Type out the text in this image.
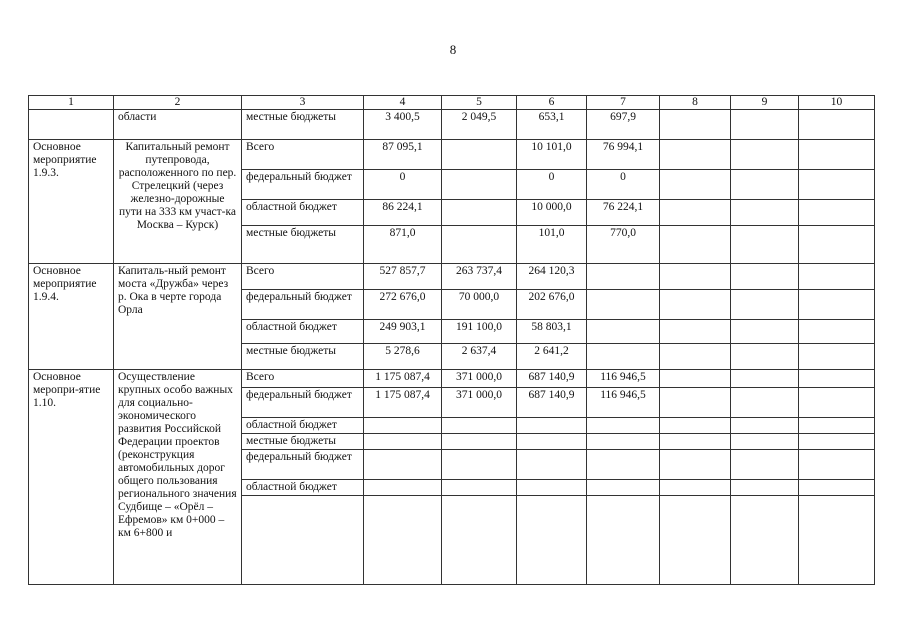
8
1	2	3	4	5	6	7	8	9	10
	области	местные бюджеты	3 400,5	2 049,5	653,1	697,9			
Основное мероприятие 1.9.3.	Капитальный ремонт путепровода, расположенного по пер. Стрелецкий (через железно-дорожные пути на 333 км участ-ка Москва – Курск)	Всего	87 095,1		10 101,0	76 994,1			
		федеральный бюджет	0		0	0			
		областной бюджет	86 224,1		10 000,0	76 224,1			
		местные бюджеты	871,0		101,0	770,0			
Основное мероприятие 1.9.4.	Капиталь-ный ремонт моста «Дружба» через р. Ока в черте города Орла	Всего	527 857,7	263 737,4	264 120,3				
		федеральный бюджет	272 676,0	70 000,0	202 676,0				
		областной бюджет	249 903,1	191 100,0	58 803,1				
		местные бюджеты	5 278,6	2 637,4	2 641,2				
Основное меропри-ятие 1.10.	Осуществление крупных особо важных для социально-экономического развития Российской Федерации проектов (реконструкция автомобильных дорог общего пользования регионального значения Судбище – «Орёл – Ефремов» км 0+000 – км 6+800 и	Всего	1 175 087,4	371 000,0	687 140,9	116 946,5			
		федеральный бюджет	1 175 087,4	371 000,0	687 140,9	116 946,5			
		областной бюджет							
		местные бюджеты							
		федеральный бюджет							
		областной бюджет							
